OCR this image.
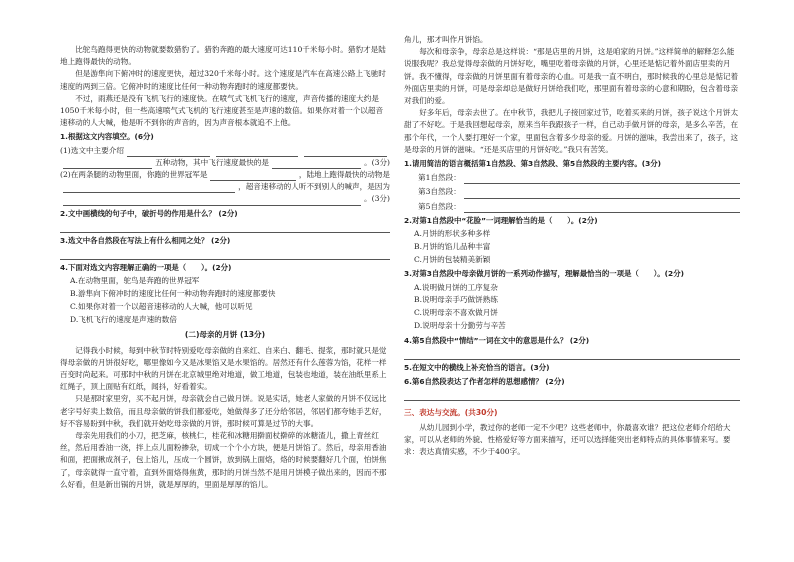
比鸵鸟跑得更快的动物就要数猎豹了。猎豹奔跑的最大速度可达110千米每小时。猎豹才是陆地上跑得最快的动物。

但是游隼向下俯冲时的速度更快，超过320千米每小时。这个速度是汽车在高速公路上飞驰时速度的两到三倍。它俯冲时的速度比任何一种动物奔跑时的速度都要快。

不过，雨燕还是没有飞机飞行的速度快。在喷气式飞机飞行的速度，声音传播的速度大约是1050千米每小时，但一些高速喷气式飞机的飞行速度甚至是声速的数倍。如果你对着一个以超音速移动的人大喊，他是听不到你的声音的，因为声音根本就追不上他。

1.根据这文内容填空。(6分)
(1)选文中主要介绍
五种动物，其中飞行速度最快的是	。(3分)
(2)在两条腿的动物里面，你跑的世界冠军是	，陆地上跑得最快的动物是
，超音速移动的人听不到别人的喊声，是因为
。(3分)
2.文中画横线的句子中，破折号的作用是什么？ (2分)
3.选文中各自然段在写法上有什么相同之处？ (2分)
4.下面对选文内容理解正确的一项是（　　）。(2分)
A.在动物里面，鸵鸟是奔跑的世界冠军
B.游隼向下俯冲时的速度比任何一种动物奔跑时的速度都要快
C.如果你对着一个以超音速移动的人大喊，他可以听见
D.飞机飞行的速度是声速的数倍
(二)母亲的月饼 (13分)

记得我小时候，每到中秋节时特别爱吃母亲做的自来红、自来白、翻毛、提浆，那时就只是觉得母亲做的月饼很好吃，哪里像如今又是冰果馅又是水果馅的。居然还有什么莲蓉为馅，花样一样百变时尚起来。可那时中秋的月饼在北京城里绝对地道，做工地道，包装也地道，装在油纸里系上红绳子，顶上面贴有红纸，闻抖，好看着实。

只是那时家里穷，买不起月饼，母亲就会自己做月饼。说是实话，她老人家做的月饼不仅远比老字号好卖上数倍，而且母亲做的饼我们都爱吃，她做得多了还分给邻居，邻居们都夸她手艺好，好不容易盼到中秋，我们就开始吃母亲做的月饼，那时候可算是过节的大事。

母亲先用我们的小刀，把芝麻，核桃仁，桂花和冰糖用擀面杖擀碎的冰糖渣儿，撒上青丝红丝，然后用香油一浇，拌上点儿面粉掺杂，切成一个个小方块，便是月饼馅了。然后，母亲用香油和面，把面揪成剂子，包上馅儿，压成一个圆饼，放到锅上面烙，烙的时候要翻好几个面，怕饼焦了，母亲就得一直守着，直到外面烙得焦黄，那时的月饼当然不是用月饼模子做出来的，因而不那么好看，但是新出锅的月饼，就是厚厚的，里面是厚厚的馅儿。

角儿，那才叫作月饼馅。

每次和母亲争，母亲总是这样说：“那是店里的月饼，这是咱家的月饼。”这样简单的解释怎么能说服我呢？我总觉得母亲做的月饼好吃，嘴里吃着母亲做的月饼，心里还是惦记着外面店里卖的月饼。我不懂得，母亲做的月饼里面有着母亲的心血。可是我一直不明白，那时候我的心里总是惦记着外面店里卖的月饼，可是母亲却总是做好月饼给我们吃，那里面有着母亲的心意和期盼，包含着母亲对我们的爱。

好多年后，母亲去世了。在中秋节，我把儿子接回家过节，吃着买来的月饼，孩子说这个月饼太甜了不好吃。于是我回想起母亲，原来当年我跟孩子一样，自己动手做月饼的母亲，是多么辛苦，在那个年代，一个人要打理好一个家，里面包含着多少母亲的爱。月饼的滋味，我尝出来了，孩子，这是母亲的月饼的滋味。“还是买店里的月饼好吃。”我只有苦笑。

1.请用简洁的语言概括第1自然段、第3自然段、第5自然段的主要内容。(3分)
第1自然段：
第3自然段：
第5自然段：
2.对第1自然段中“花脸”一词理解恰当的是（　　）。(2分)
A.月饼的形状多种多样
B.月饼的馅儿品种丰富
C.月饼的包装精美新颖
3.对第3自然段中母亲做月饼的一系列动作描写，理解最恰当的一项是（　　）。(2分)
A.说明做月饼的工序复杂
B.说明母亲手巧做饼熟练
C.说明母亲不喜欢做月饼
D.说明母亲十分勤劳与辛苦
4.第5自然段中“情结”一词在文中的意思是什么？ (2分)
5.在短文中的横线上补充恰当的语言。(3分)
6.第6自然段表达了作者怎样的思想感情？ (2分)
三、表达与交流。(共30分)

从幼儿园到小学，教过你的老师一定不少吧？这些老师中，你最喜欢谁？把这位老师介绍给大家，可以从老师的外貌、性格爱好等方面来描写，还可以选择能突出老师特点的具体事情来写。要求：表达真情实感，不少于400字。
